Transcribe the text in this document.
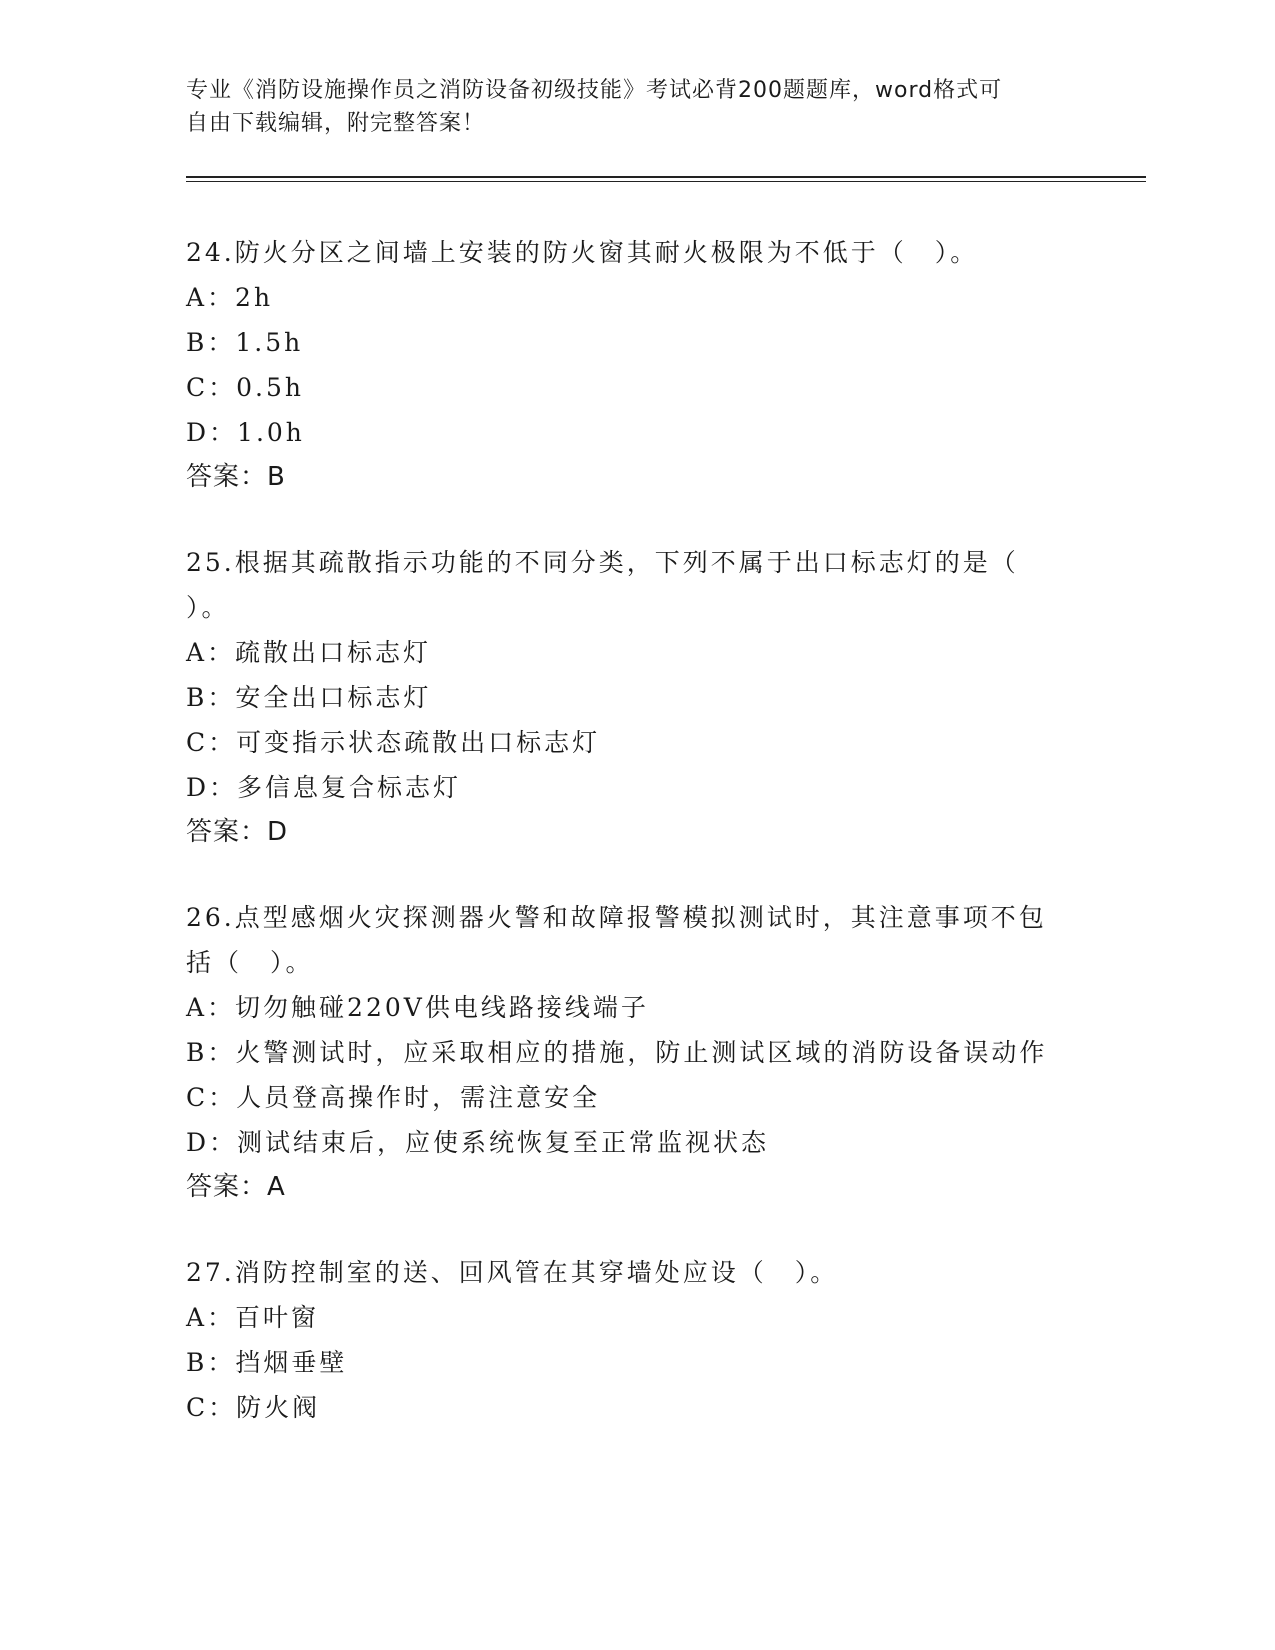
专业《消防设施操作员之消防设备初级技能》考试必背200题题库，word格式可
自由下载编辑，附完整答案！
24.防火分区之间墙上安装的防火窗其耐火极限为不低于（　）。
A：2h
B：1.5h
C：0.5h
D：1.0h
答案：B
25.根据其疏散指示功能的不同分类，下列不属于出口标志灯的是（
）。
A：疏散出口标志灯
B：安全出口标志灯
C：可变指示状态疏散出口标志灯
D：多信息复合标志灯
答案：D
26.点型感烟火灾探测器火警和故障报警模拟测试时，其注意事项不包
括（　）。
A：切勿触碰220V供电线路接线端子
B：火警测试时，应采取相应的措施，防止测试区域的消防设备误动作
C：人员登高操作时，需注意安全
D：测试结束后，应使系统恢复至正常监视状态
答案：A
27.消防控制室的送、回风管在其穿墙处应设（　）。
A：百叶窗
B：挡烟垂壁
C：防火阀
